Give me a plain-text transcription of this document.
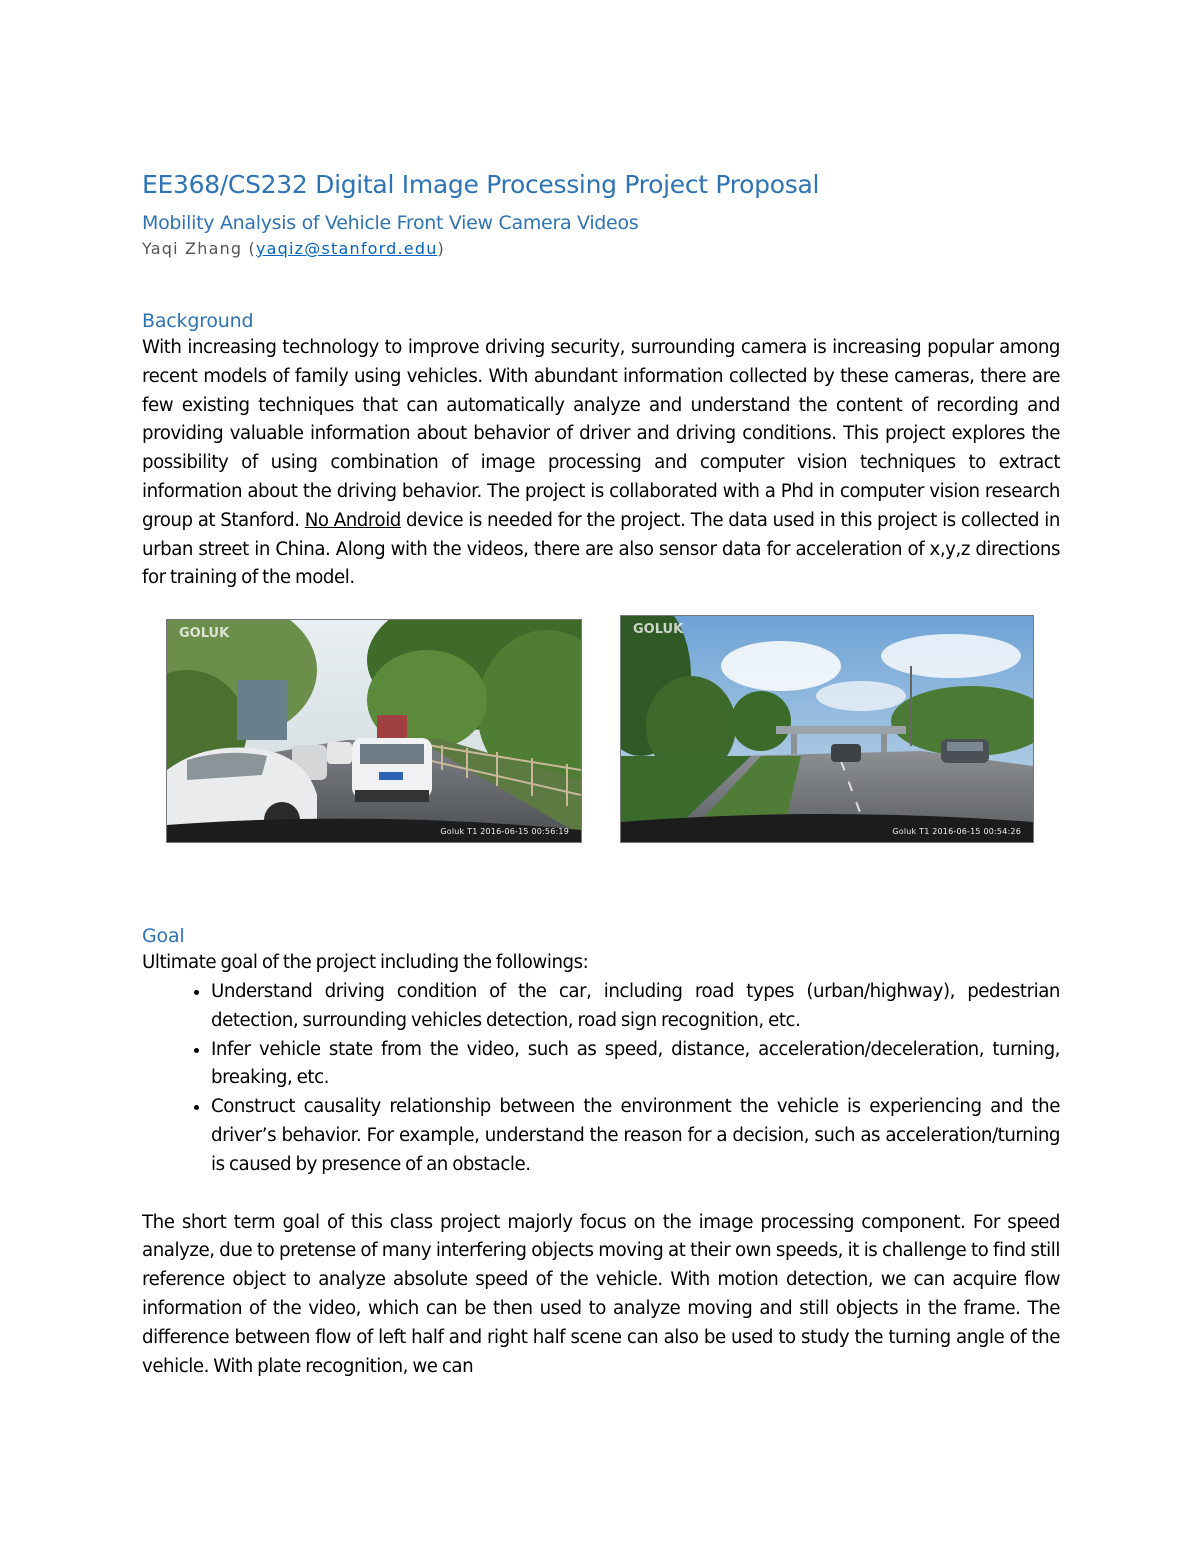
EE368/CS232 Digital Image Processing Project Proposal
Mobility Analysis of Vehicle Front View Camera Videos
Yaqi Zhang (yaqiz@stanford.edu)
Background

With increasing technology to improve driving security, surrounding camera is increasing popular among recent models of family using vehicles. With abundant information collected by these cameras, there are few existing techniques that can automatically analyze and understand the content of recording and providing valuable information about behavior of driver and driving conditions. This project explores the possibility of using combination of image processing and computer vision techniques to extract information about the driving behavior. The project is collaborated with a Phd in computer vision research group at Stanford. No Android device is needed for the project. The data used in this project is collected in urban street in China. Along with the videos, there are also sensor data for acceleration of x,y,z directions for training of the model.

GOLUK
Goluk T1 2016-06-15 00:56:19
GOLUK
Goluk T1 2016-06-15 00:54:26
Goal

Ultimate goal of the project including the followings:

• Understand driving condition of the car, including road types (urban/highway), pedestrian detection, surrounding vehicles detection, road sign recognition, etc.
• Infer vehicle state from the video, such as speed, distance, acceleration/deceleration, turning, breaking, etc.
• Construct causality relationship between the environment the vehicle is experiencing and the driver’s behavior. For example, understand the reason for a decision, such as acceleration/turning is caused by presence of an obstacle.

The short term goal of this class project majorly focus on the image processing component. For speed analyze, due to pretense of many interfering objects moving at their own speeds, it is challenge to find still reference object to analyze absolute speed of the vehicle. With motion detection, we can acquire flow information of the video, which can be then used to analyze moving and still objects in the frame. The difference between flow of left half and right half scene can also be used to study the turning angle of the vehicle. With plate recognition, we can
